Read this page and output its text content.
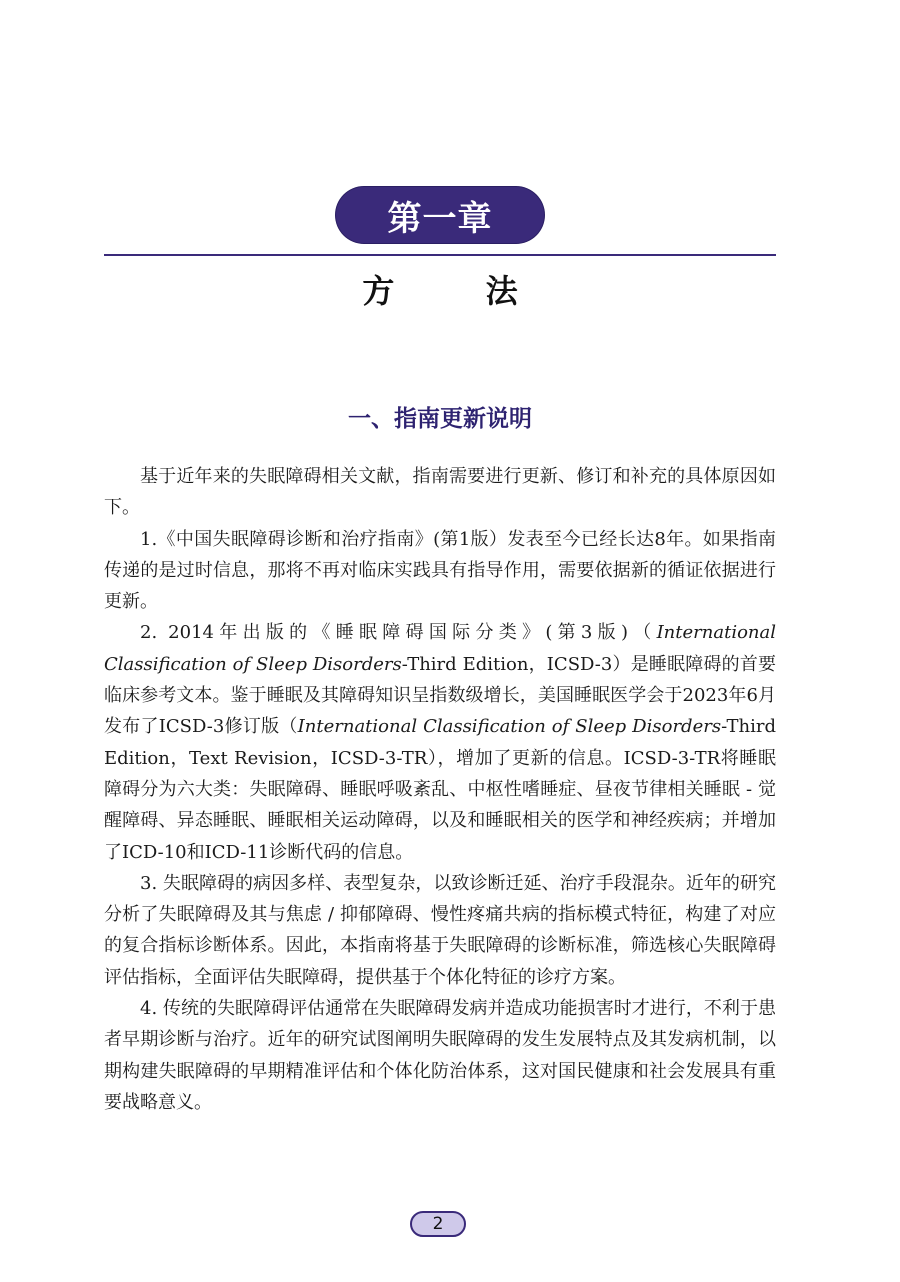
第一章
方 法
一、指南更新说明

基于近年来的失眠障碍相关文献，指南需要进行更新、修订和补充的具体原因如下。

1.《中国失眠障碍诊断和治疗指南》(第1版）发表至今已经长达8年。如果指南传递的是过时信息，那将不再对临床实践具有指导作用，需要依据新的循证依据进行更新。

2. 2014年出版的《睡眠障碍国际分类》(第3版)（International Classification of Sleep Disorders-Third Edition，ICSD-3）是睡眠障碍的首要临床参考文本。鉴于睡眠及其障碍知识呈指数级增长，美国睡眠医学会于2023年6月发布了ICSD-3修订版（International Classification of Sleep Disorders-Third Edition，Text Revision，ICSD-3-TR），增加了更新的信息。ICSD-3-TR将睡眠障碍分为六大类：失眠障碍、睡眠呼吸紊乱、中枢性嗜睡症、昼夜节律相关睡眠 - 觉醒障碍、异态睡眠、睡眠相关运动障碍，以及和睡眠相关的医学和神经疾病；并增加了ICD-10和ICD-11诊断代码的信息。

3. 失眠障碍的病因多样、表型复杂，以致诊断迁延、治疗手段混杂。近年的研究分析了失眠障碍及其与焦虑 / 抑郁障碍、慢性疼痛共病的指标模式特征，构建了对应的复合指标诊断体系。因此，本指南将基于失眠障碍的诊断标准，筛选核心失眠障碍评估指标，全面评估失眠障碍，提供基于个体化特征的诊疗方案。

4. 传统的失眠障碍评估通常在失眠障碍发病并造成功能损害时才进行，不利于患者早期诊断与治疗。近年的研究试图阐明失眠障碍的发生发展特点及其发病机制，以期构建失眠障碍的早期精准评估和个体化防治体系，这对国民健康和社会发展具有重要战略意义。

2
